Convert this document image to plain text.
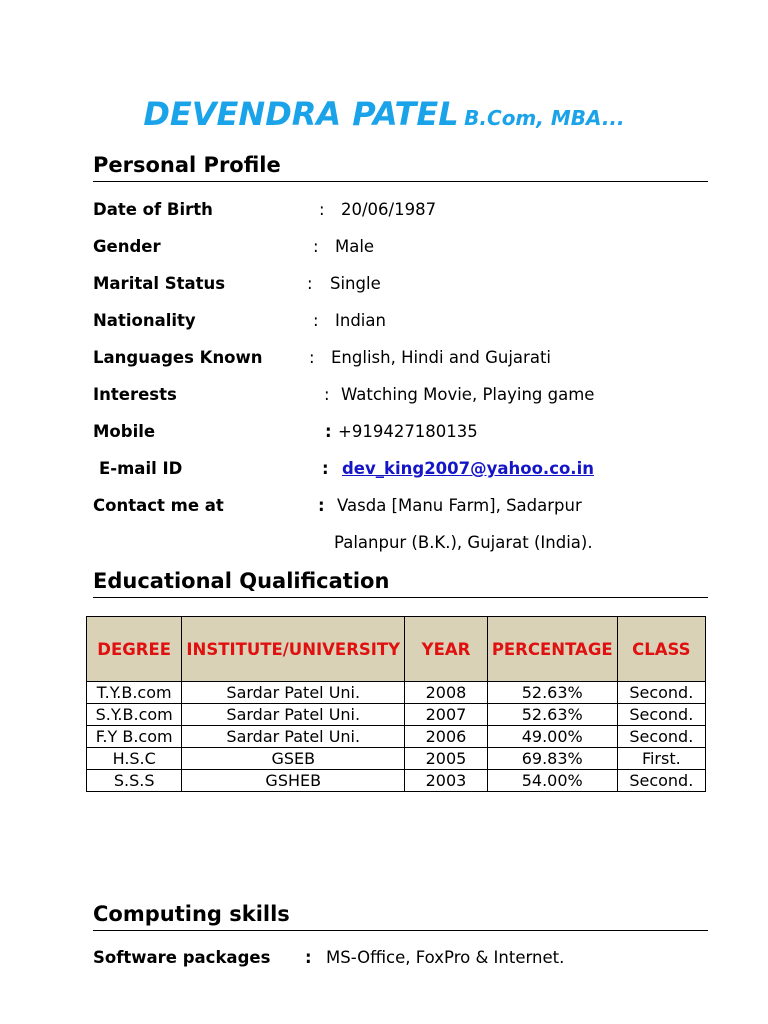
DEVENDRA PATEL B.Com, MBA...
Personal Profile
Date of Birth	: 20/06/1987
Gender	: Male
Marital Status	: Single
Nationality	: Indian
Languages Known	: English, Hindi and Gujarati
Interests	: Watching Movie, Playing game
Mobile	: +919427180135
E-mail ID	: dev_king2007@yahoo.co.in
Contact me at	: Vasda [Manu Farm], Sadarpur
Palanpur (B.K.), Gujarat (India).
Educational Qualification
DEGREE	INSTITUTE/UNIVERSITY	YEAR	PERCENTAGE	CLASS
T.Y.B.com	Sardar Patel Uni.	2008	52.63%	Second.
S.Y.B.com	Sardar Patel Uni.	2007	52.63%	Second.
F.Y B.com	Sardar Patel Uni.	2006	49.00%	Second.
H.S.C	GSEB	2005	69.83%	First.
S.S.S	GSHEB	2003	54.00%	Second.
Computing skills
Software packages : MS-Office, FoxPro & Internet.
